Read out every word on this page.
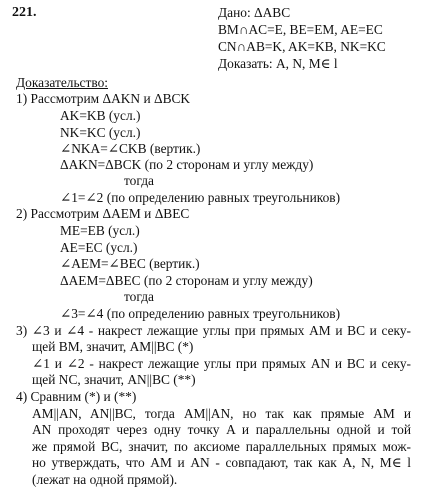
221.	Дано: ΔABC
BM∩AC=E, BE=EM, AE=EC
CN∩AB=K, AK=KB, NK=KC
Доказать: A, N, M∈ l
Доказательство:
1) Рассмотрим ΔAKN и ΔBCK
AK=KB (усл.)
NK=KC (усл.)
∠NKA=∠CKB (вертик.)
ΔAKN=ΔBCK (по 2 сторонам и углу между)
тогда
∠1=∠2 (по определению равных треугольников)
2) Рассмотрим ΔAEM и ΔBEC
ME=EB (усл.)
AE=EC (усл.)
∠AEM=∠BEC (вертик.)
ΔAEM=ΔBEC (по 2 сторонам и углу между)
тогда
∠3=∠4 (по определению равных треугольников)
3) ∠3 и ∠4 - накрест лежащие углы при прямых AM и BC и секу-
щей BM, значит, AM||BC (*)
∠1 и ∠2 - накрест лежащие углы при прямых AN и BC и секу-
щей NC, значит, AN||BC (**)
4) Сравним (*) и (**)
AM||AN, AN||BC, тогда AM||AN, но так как прямые AM и
AN проходят через одну точку A и параллельны одной и той
же прямой BC, значит, по аксиоме параллельных прямых мож-
но утверждать, что AM и AN - совпадают, так как A, N, M∈ l
(лежат на одной прямой).
